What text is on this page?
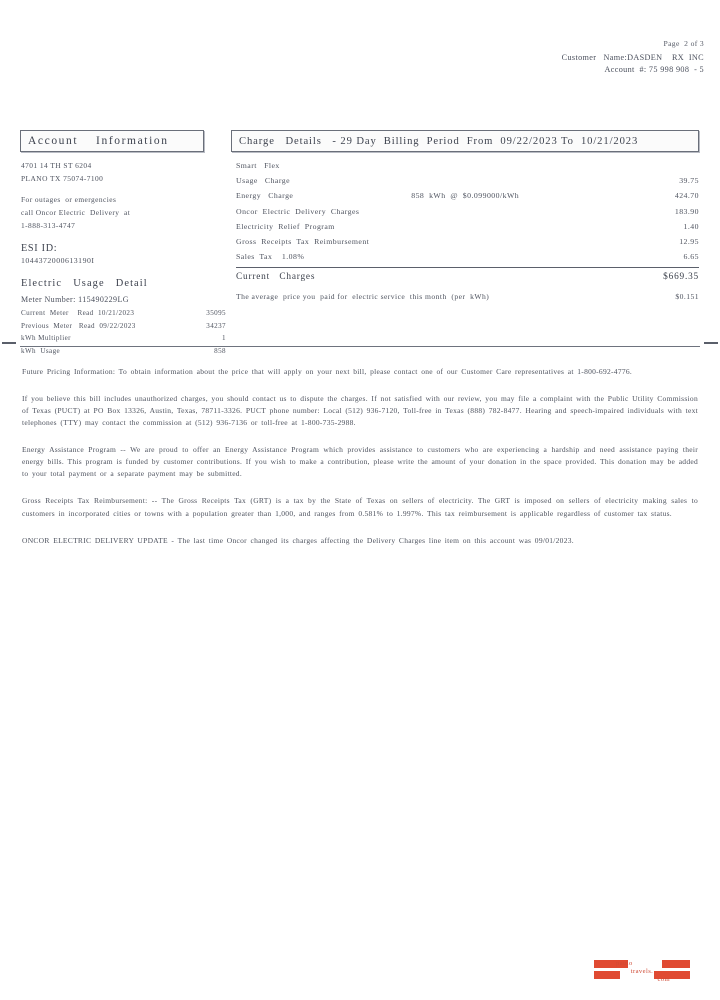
Page  2 of 3
Customer   Name:DASDEN    RX  INC
Account  #: 75 998 908  - 5
Account    Information	Charge   Details   - 29 Day  Billing  Period  From  09/22/2023 To  10/21/2023
4701 14 TH ST 6204
PLANO TX 75074-7100
For outages  or emergencies
call Oncor Electric  Delivery  at
1-888-313-4747
ESI ID:
1044372000613190I
Electric   Usage   Detail
Meter Number: 115490229LG
Current  Meter    Read  10/21/2023	35095
Previous  Meter   Read  09/22/2023	34237
kWh Multiplier	1
kWh  Usage	858
Smart   Flex
Usage   Charge	39.75
Energy   Charge	858  kWh  @  $0.099000/kWh	424.70
Oncor  Electric  Delivery  Charges	183.90
Electricity  Relief  Program	1.40
Gross  Receipts  Tax  Reimbursement	12.95
Sales  Tax    1.08%	6.65
Current   Charges	$669.35
The average  price you  paid for  electric service  this month  (per  kWh)	$0.151

Future Pricing Information: To obtain information about the price that will apply on your next bill, please contact one of our Customer Care representatives at 1-800-692-4776.

If you believe this bill includes unauthorized charges, you should contact us to dispute the charges. If not satisfied with our review, you may file a complaint with the Public Utility Commission of Texas (PUCT) at PO Box 13326, Austin, Texas, 78711-3326. PUCT phone number: Local (512) 936-7120, Toll-free in Texas (888) 782-8477. Hearing and speech-impaired individuals with text telephones (TTY) may contact the commission at (512) 936-7136 or toll-free at 1-800-735-2988.

Energy Assistance Program -- We are proud to offer an Energy Assistance Program which provides assistance to customers who are experiencing a hardship and need assistance paying their energy bills. This program is funded by customer contributions. If you wish to make a contribution, please write the amount of your donation in the space provided. This donation may be added to your total payment or a separate payment may be submitted.

Gross Receipts Tax Reimbursement: -- The Gross Receipts Tax (GRT) is a tax by the State of Texas on sellers of electricity. The GRT is imposed on sellers of electricity making sales to customers in incorporated cities or towns with a population greater than 1,000, and ranges from 0.581% to 1.997%. This tax reimbursement is applicable regardless of customer tax status.

ONCOR ELECTRIC DELIVERY UPDATE - The last time Oncor changed its charges affecting the Delivery Charges line item on this account was 09/01/2023.

paulo
travels.
com
